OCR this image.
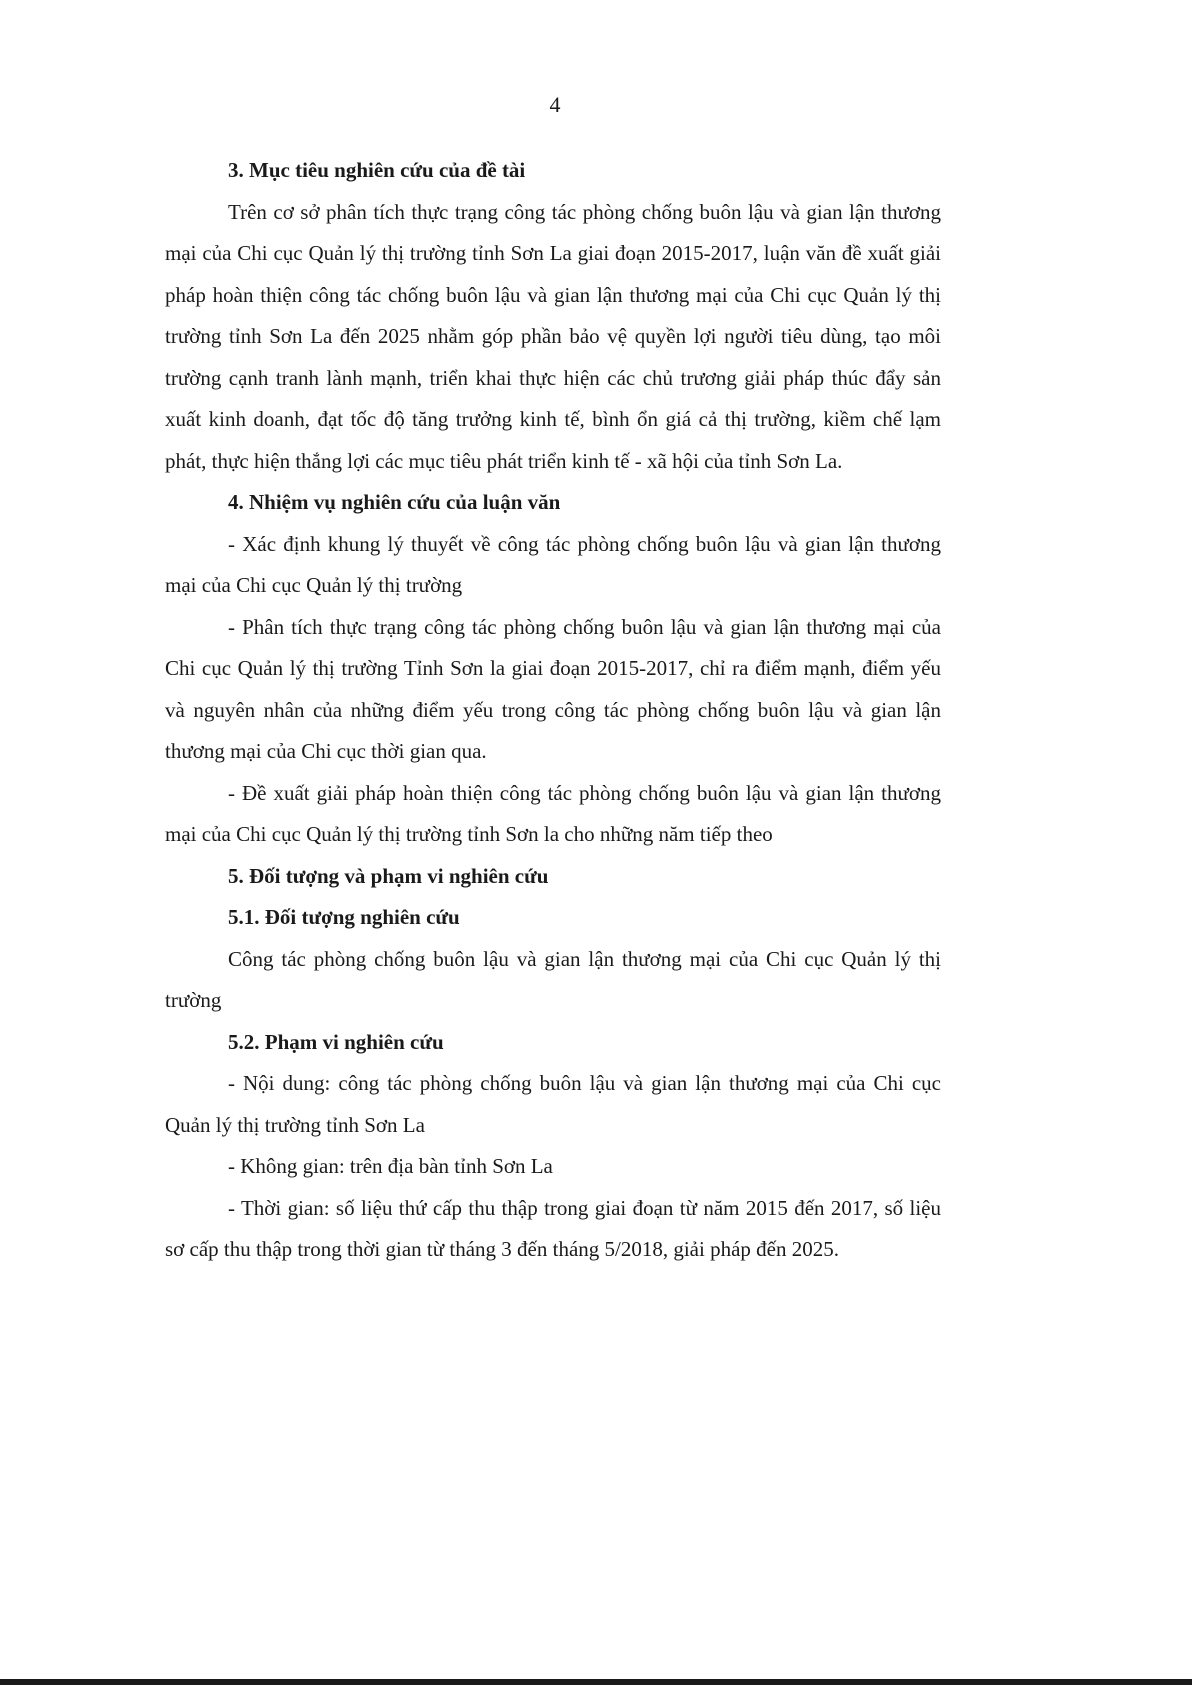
4
3. Mục tiêu nghiên cứu của đề tài

Trên cơ sở phân tích thực trạng công tác phòng chống buôn lậu và gian lận thương mại của Chi cục Quản lý thị trường tỉnh Sơn La giai đoạn 2015-2017, luận văn đề xuất giải pháp hoàn thiện công tác chống buôn lậu và gian lận thương mại của Chi cục Quản lý thị trường tỉnh Sơn La đến 2025 nhằm góp phần bảo vệ quyền lợi người tiêu dùng, tạo môi trường cạnh tranh lành mạnh, triển khai thực hiện các chủ trương giải pháp thúc đẩy sản xuất kinh doanh, đạt tốc độ tăng trưởng kinh tế, bình ổn giá cả thị trường, kiềm chế lạm phát, thực hiện thắng lợi các mục tiêu phát triển kinh tế - xã hội của tỉnh Sơn La.

4. Nhiệm vụ nghiên cứu của luận văn

- Xác định khung lý thuyết về công tác phòng chống buôn lậu và gian lận thương mại của Chi cục Quản lý thị trường

- Phân tích thực trạng công tác phòng chống buôn lậu và gian lận thương mại của Chi cục Quản lý thị trường Tỉnh Sơn la giai đoạn 2015-2017, chỉ ra điểm mạnh, điểm yếu và nguyên nhân của những điểm yếu trong công tác phòng chống buôn lậu và gian lận thương mại của Chi cục thời gian qua.

- Đề xuất giải pháp hoàn thiện công tác phòng chống buôn lậu và gian lận thương mại của Chi cục Quản lý thị trường tỉnh Sơn la cho những năm tiếp theo

5. Đối tượng và phạm vi nghiên cứu
5.1. Đối tượng nghiên cứu

Công tác phòng chống buôn lậu và gian lận thương mại của Chi cục Quản lý thị trường

5.2. Phạm vi nghiên cứu

- Nội dung: công tác phòng chống buôn lậu và gian lận thương mại của Chi cục Quản lý thị trường tỉnh Sơn La

- Không gian: trên địa bàn tỉnh Sơn La

- Thời gian: số liệu thứ cấp thu thập trong giai đoạn từ năm 2015 đến 2017, số liệu sơ cấp thu thập trong thời gian từ tháng 3 đến tháng 5/2018, giải pháp đến 2025.
